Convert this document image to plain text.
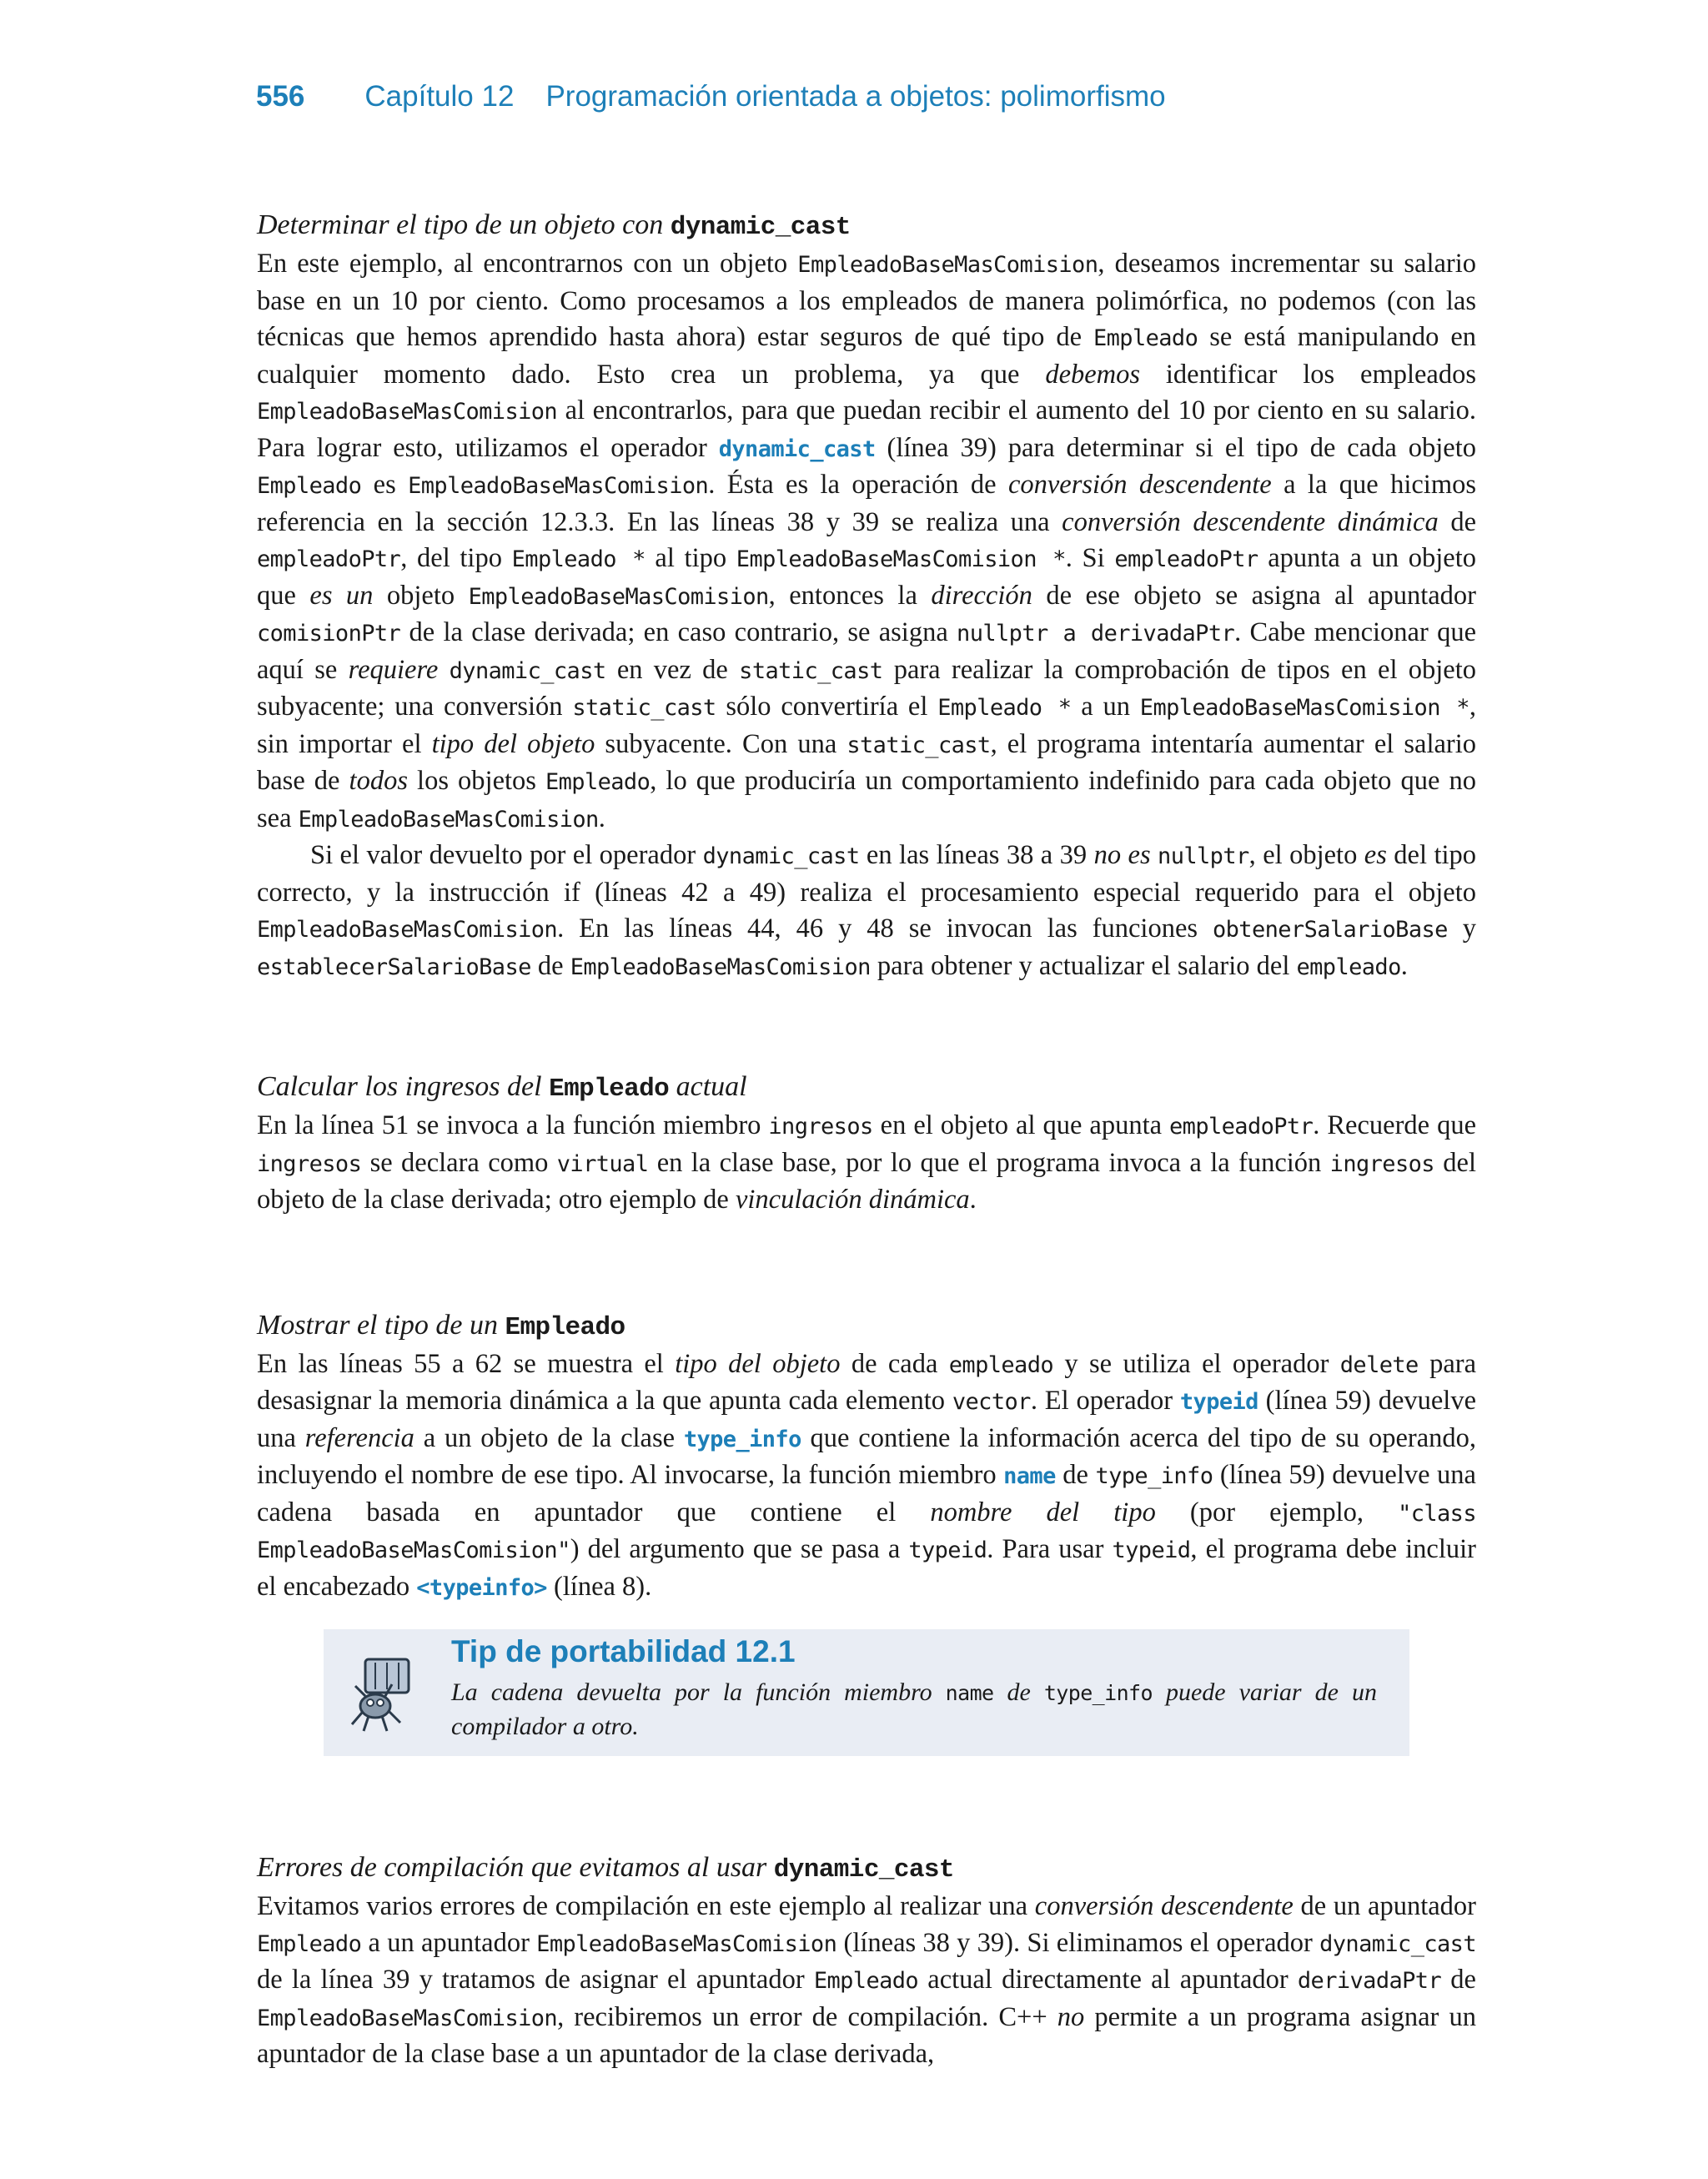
556 Capítulo 12 Programación orientada a objetos: polimorfismo
Determinar el tipo de un objeto con dynamic_cast

En este ejemplo, al encontrarnos con un objeto EmpleadoBaseMasComision, deseamos incrementar su salario base en un 10 por ciento. Como procesamos a los empleados de manera polimórfica, no podemos (con las técnicas que hemos aprendido hasta ahora) estar seguros de qué tipo de Empleado se está manipulando en cualquier momento dado. Esto crea un problema, ya que debemos identificar los empleados EmpleadoBaseMasComision al encontrarlos, para que puedan recibir el aumento del 10 por ciento en su salario. Para lograr esto, utilizamos el operador dynamic_cast (línea 39) para determinar si el tipo de cada objeto Empleado es EmpleadoBaseMasComision. Ésta es la operación de conversión descendente a la que hicimos referencia en la sección 12.3.3. En las líneas 38 y 39 se realiza una conversión descendente dinámica de empleadoPtr, del tipo Empleado * al tipo EmpleadoBaseMasComision *. Si empleadoPtr apunta a un objeto que es un objeto EmpleadoBaseMasComision, entonces la dirección de ese objeto se asigna al apuntador comisionPtr de la clase derivada; en caso contrario, se asigna nullptr a derivadaPtr. Cabe mencionar que aquí se requiere dynamic_cast en vez de static_cast para realizar la comprobación de tipos en el objeto subyacente; una conversión static_cast sólo convertiría el Empleado * a un EmpleadoBaseMasComision *, sin importar el tipo del objeto subyacente. Con una static_cast, el programa intentaría aumentar el salario base de todos los objetos Empleado, lo que produciría un comportamiento indefinido para cada objeto que no sea EmpleadoBaseMasComision.

Si el valor devuelto por el operador dynamic_cast en las líneas 38 a 39 no es nullptr, el objeto es del tipo correcto, y la instrucción if (líneas 42 a 49) realiza el procesamiento especial requerido para el objeto EmpleadoBaseMasComision. En las líneas 44, 46 y 48 se invocan las funciones obtenerSalarioBase y establecerSalarioBase de EmpleadoBaseMasComision para obtener y actualizar el salario del empleado.

Calcular los ingresos del Empleado actual

En la línea 51 se invoca a la función miembro ingresos en el objeto al que apunta empleadoPtr. Recuerde que ingresos se declara como virtual en la clase base, por lo que el programa invoca a la función ingresos del objeto de la clase derivada; otro ejemplo de vinculación dinámica.

Mostrar el tipo de un Empleado

En las líneas 55 a 62 se muestra el tipo del objeto de cada empleado y se utiliza el operador delete para desasignar la memoria dinámica a la que apunta cada elemento vector. El operador typeid (línea 59) devuelve una referencia a un objeto de la clase type_info que contiene la información acerca del tipo de su operando, incluyendo el nombre de ese tipo. Al invocarse, la función miembro name de type_info (línea 59) devuelve una cadena basada en apuntador que contiene el nombre del tipo (por ejemplo, "class EmpleadoBaseMasComision") del argumento que se pasa a typeid. Para usar typeid, el programa debe incluir el encabezado <typeinfo> (línea 8).

Tip de portabilidad 12.1
La cadena devuelta por la función miembro name de type_info puede variar de un compilador a otro.
Errores de compilación que evitamos al usar dynamic_cast

Evitamos varios errores de compilación en este ejemplo al realizar una conversión descendente de un apuntador Empleado a un apuntador EmpleadoBaseMasComision (líneas 38 y 39). Si eliminamos el operador dynamic_cast de la línea 39 y tratamos de asignar el apuntador Empleado actual directamente al apuntador derivadaPtr de EmpleadoBaseMasComision, recibiremos un error de compilación. C++ no permite a un programa asignar un apuntador de la clase base a un apuntador de la clase derivada,
